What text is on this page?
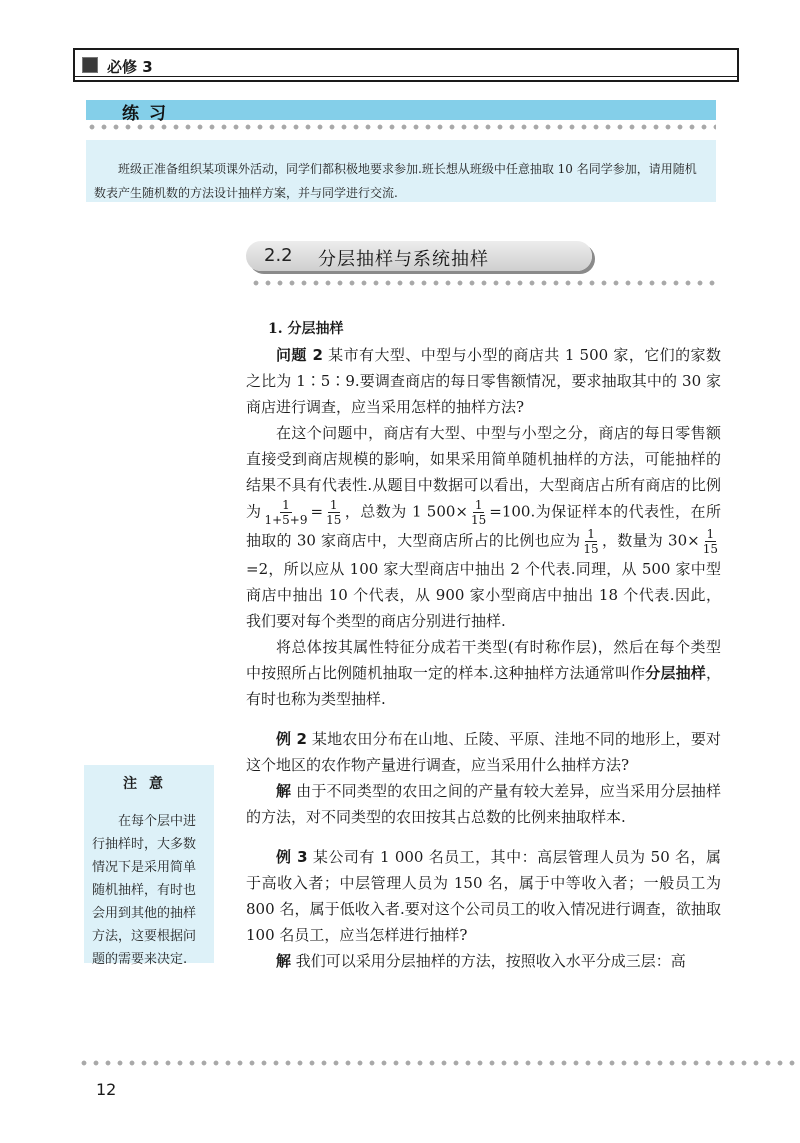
必修 3
练习

班级正准备组织某项课外活动，同学们都积极地要求参加.班长想从班级中任意抽取 10 名同学参加，请用随机数表产生随机数的方法设计抽样方案，并与同学进行交流.

2.2 分层抽样与系统抽样

1. 分层抽样

问题 2 某市有大型、中型与小型的商店共 1 500 家，它们的家数之比为 1∶5∶9.要调查商店的每日零售额情况，要求抽取其中的 30 家商店进行调查，应当采用怎样的抽样方法?

在这个问题中，商店有大型、中型与小型之分，商店的每日零售额直接受到商店规模的影响，如果采用简单随机抽样的方法，可能抽样的结果不具有代表性.从题目中数据可以看出，大型商店占所有商店的比例为 $\frac{1}{1+5+9} = \frac{1}{15}$ ，总数为 1 $500\times \frac{1}{15} =100$.为保证样本的代表性，在所抽取的 30 家商店中，大型商店所占的比例也应为 $\frac{1}{15}$ ，数量为 $30\times \frac{1}{15}$
=2，所以应从 100 家大型商店中抽出 2 个代表.同理，从 500 家中型商店中抽出 10 个代表，从 900 家小型商店中抽出 18 个代表.因此，我们要对每个类型的商店分别进行抽样.

将总体按其属性特征分成若干类型(有时称作层)，然后在每个类型中按照所占比例随机抽取一定的样本.这种抽样方法通常叫作分层抽样，有时也称为类型抽样.

例 2 某地农田分布在山地、丘陵、平原、洼地不同的地形上，要对这个地区的农作物产量进行调查，应当采用什么抽样方法?

解 由于不同类型的农田之间的产量有较大差异，应当采用分层抽样的方法，对不同类型的农田按其占总数的比例来抽取样本.

例 3 某公司有 1 000 名员工，其中：高层管理人员为 50 名，属于高收入者；中层管理人员为 150 名，属于中等收入者；一般员工为 800 名，属于低收入者.要对这个公司员工的收入情况进行调查，欲抽取 100 名员工，应当怎样进行抽样?

解 我们可以采用分层抽样的方法，按照收入水平分成三层：高

注意

在每个层中进行抽样时，大多数情况下是采用简单随机抽样，有时也会用到其他的抽样方法，这要根据问题的需要来决定.

12
